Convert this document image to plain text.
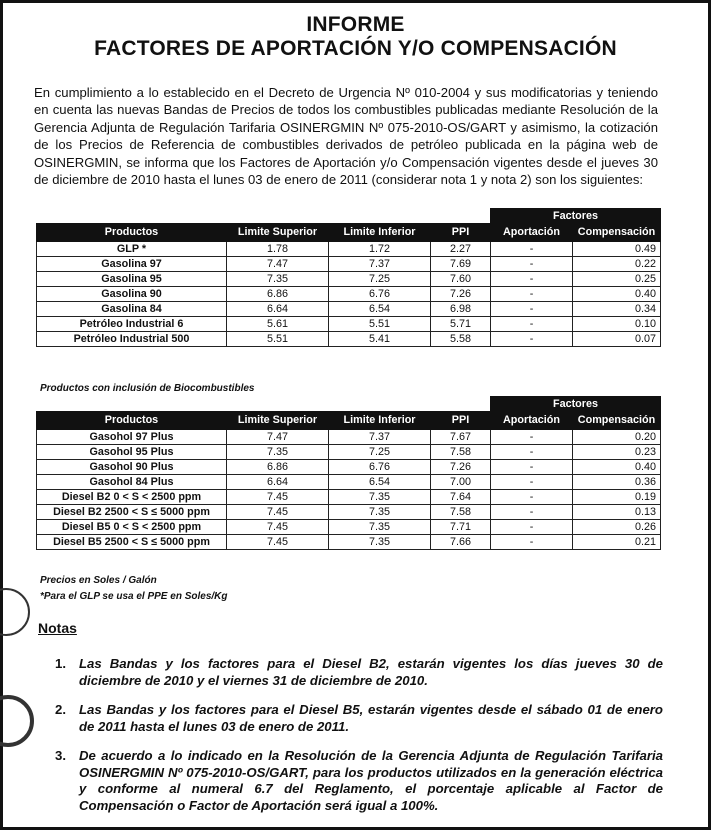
INFORME
FACTORES DE APORTACIÓN Y/O COMPENSACIÓN
En cumplimiento a lo establecido en el Decreto de Urgencia Nº 010-2004 y sus modificatorias y teniendo en cuenta las nuevas Bandas de Precios de todos los combustibles publicadas mediante Resolución de la Gerencia Adjunta de Regulación Tarifaria OSINERGMIN Nº 075-2010-OS/GART y asimismo, la cotización de los Precios de Referencia de combustibles derivados de petróleo publicada en la página web de OSINERGMIN, se informa que los Factores de Aportación y/o Compensación vigentes desde el jueves 30 de diciembre de 2010 hasta el lunes 03 de enero de 2011 (considerar nota 1 y nota 2) son los siguientes:
				Factores	
Productos	Limite Superior	Limite Inferior	PPI	Aportación	Compensación
GLP *	1.78	1.72	2.27	-	0.49
Gasolina 97	7.47	7.37	7.69	-	0.22
Gasolina 95	7.35	7.25	7.60	-	0.25
Gasolina 90	6.86	6.76	7.26	-	0.40
Gasolina 84	6.64	6.54	6.98	-	0.34
Petróleo Industrial 6	5.61	5.51	5.71	-	0.10
Petróleo Industrial 500	5.51	5.41	5.58	-	0.07
Productos con inclusión de Biocombustibles
				Factores	
Productos	Limite Superior	Limite Inferior	PPI	Aportación	Compensación
Gasohol 97 Plus	7.47	7.37	7.67	-	0.20
Gasohol 95 Plus	7.35	7.25	7.58	-	0.23
Gasohol 90 Plus	6.86	6.76	7.26	-	0.40
Gasohol 84 Plus	6.64	6.54	7.00	-	0.36
Diesel B2 0 < S < 2500 ppm	7.45	7.35	7.64	-	0.19
Diesel B2 2500 < S ≤ 5000 ppm	7.45	7.35	7.58	-	0.13
Diesel B5 0 < S < 2500 ppm	7.45	7.35	7.71	-	0.26
Diesel B5 2500 < S ≤ 5000 ppm	7.45	7.35	7.66	-	0.21
Precios en Soles / Galón
*Para el GLP se usa el PPE en Soles/Kg
Notas
1. Las Bandas y los factores para el Diesel B2, estarán vigentes los días jueves 30 de diciembre de 2010 y el viernes 31 de diciembre de 2010.
2. Las Bandas y los factores para el Diesel B5, estarán vigentes desde el sábado 01 de enero de 2011 hasta el lunes 03 de enero de 2011.
3. De acuerdo a lo indicado en la Resolución de la Gerencia Adjunta de Regulación Tarifaria OSINERGMIN Nº 075-2010-OS/GART, para los productos utilizados en la generación eléctrica y conforme al numeral 6.7 del Reglamento, el porcentaje aplicable al Factor de Compensación o Factor de Aportación será igual a 100%.
